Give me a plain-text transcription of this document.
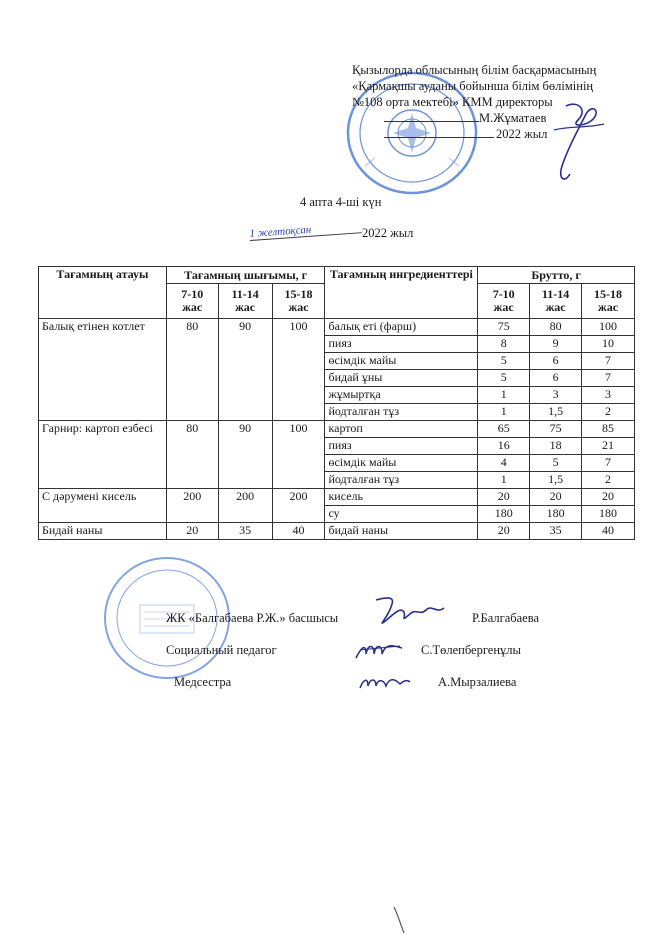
Қызылорда облысының білім басқармасының
«Қармақшы ауданы бойынша білім бөлімінің
№108 орта мектебі» КММ директоры
М.Жұматаев
2022 жыл
4 апта 4-ші күн
1 желтоқсан	2022 жыл
Тағамның атауы	Тағамның шығымы, г			Тағамның ингредиенттері	Брутто, г		
	7-10 жас	11-14 жас	15-18 жас		7-10 жас	11-14 жас	15-18 жас
Балық етінен котлет	80	90	100	балық еті (фарш)	75	80	100
				пияз	8	9	10
				өсімдік майы	5	6	7
				бидай ұны	5	6	7
				жұмыртқа	1	3	3
				йодталған тұз	1	1,5	2
Гарнир: картоп езбесі	80	90	100	картоп	65	75	85
				пияз	16	18	21
				өсімдік майы	4	5	7
				йодталған тұз	1	1,5	2
С дәрумені кисель	200	200	200	кисель	20	20	20
				су	180	180	180
Бидай наны	20	35	40	бидай наны	20	35	40
ЖК «Балгабаева Р.Ж.» басшысы	Р.Балгабаева
Социальный педагог	С.Төлепбергенұлы
Медсестра	А.Мырзалиева
